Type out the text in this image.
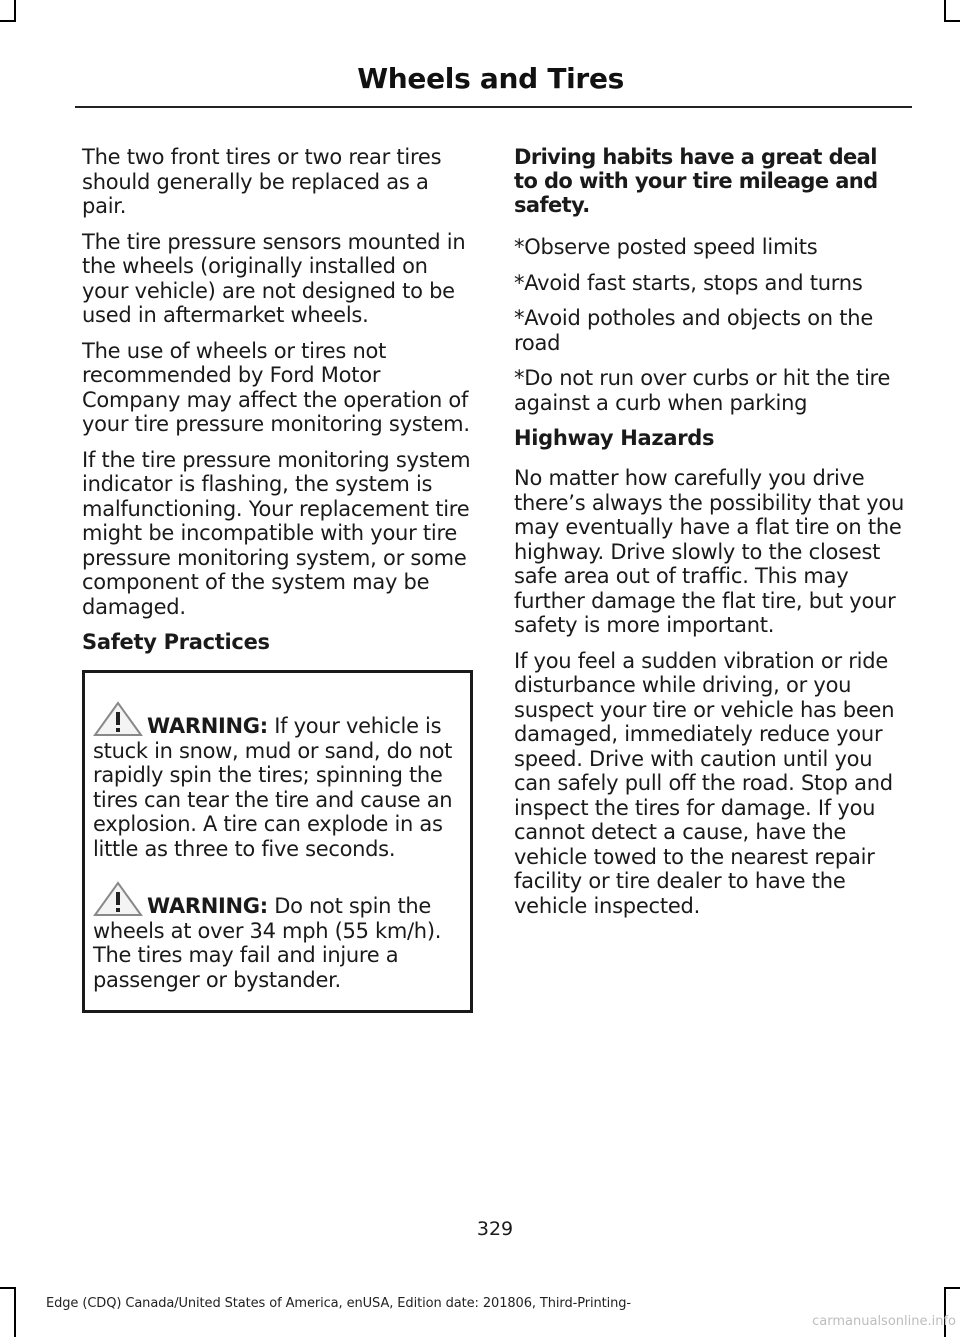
Wheels and Tires

The two front tires or two rear tires should generally be replaced as a pair.

The tire pressure sensors mounted in the wheels (originally installed on your vehicle) are not designed to be used in aftermarket wheels.

The use of wheels or tires not recommended by Ford Motor Company may affect the operation of your tire pressure monitoring system.

If the tire pressure monitoring system indicator is flashing, the system is malfunctioning. Your replacement tire might be incompatible with your tire pressure monitoring system, or some component of the system may be damaged.

Safety Practices
WARNING: If your vehicle is stuck in snow, mud or sand, do not rapidly spin the tires; spinning the tires can tear the tire and cause an explosion. A tire can explode in as little as three to five seconds.
WARNING: Do not spin the wheels at over 34 mph (55 km/h). The tires may fail and injure a passenger or bystander.
Driving habits have a great deal to do with your tire mileage and safety.

*Observe posted speed limits

*Avoid fast starts, stops and turns

*Avoid potholes and objects on the road

*Do not run over curbs or hit the tire against a curb when parking

Highway Hazards

No matter how carefully you drive there’s always the possibility that you may eventually have a flat tire on the highway. Drive slowly to the closest safe area out of traffic. This may further damage the flat tire, but your safety is more important.

If you feel a sudden vibration or ride disturbance while driving, or you suspect your tire or vehicle has been damaged, immediately reduce your speed. Drive with caution until you can safely pull off the road. Stop and inspect the tires for damage. If you cannot detect a cause, have the vehicle towed to the nearest repair facility or tire dealer to have the vehicle inspected.

329
Edge (CDQ) Canada/United States of America, enUSA, Edition date: 201806, Third-Printing-
carmanualsonline.info
